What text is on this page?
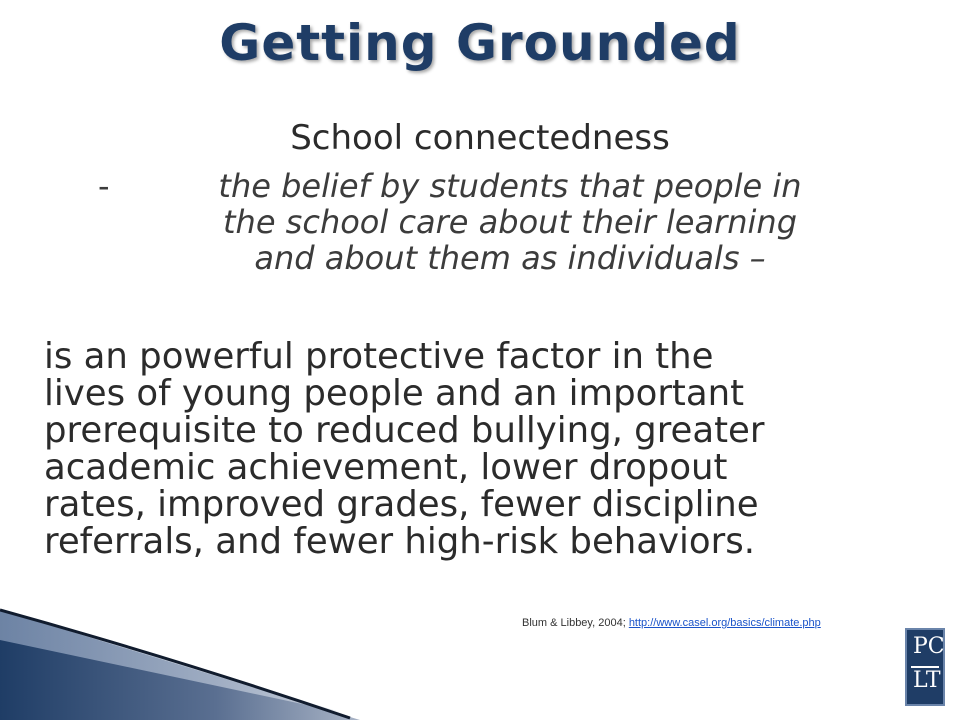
Getting Grounded
School connectedness
-	the belief by students that people in
the school care about their learning
and about them as individuals –
is an powerful protective factor in the
lives of young people and an important
prerequisite to reduced bullying, greater
academic achievement, lower dropout
rates, improved grades, fewer discipline
referrals, and fewer high-risk behaviors.
Blum & Libbey, 2004; http://www.casel.org/basics/climate.php
PC
LT
